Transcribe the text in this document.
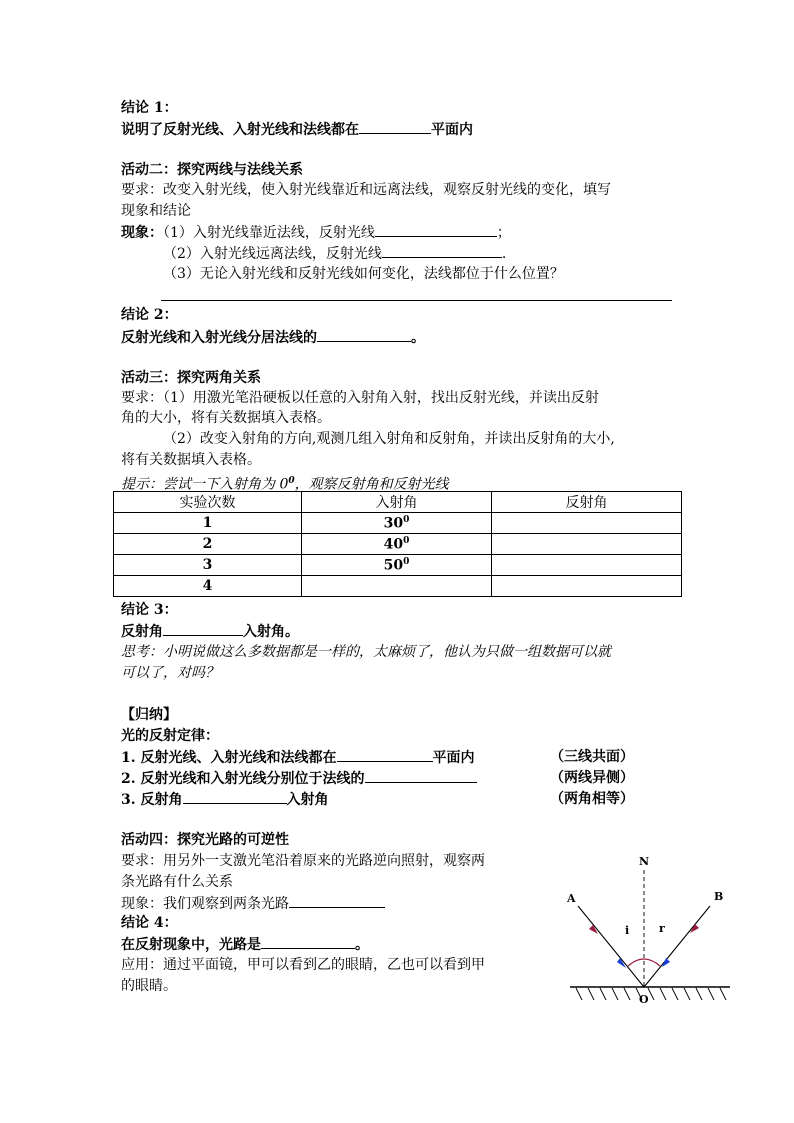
结论 1：
说明了反射光线、入射光线和法线都在	平面内
活动二：探究两线与法线关系
要求：改变入射光线，使入射光线靠近和远离法线，观察反射光线的变化，填写
现象和结论
现象：（1）入射光线靠近法线，反射光线	；
（2）入射光线远离法线，反射光线	.
（3）无论入射光线和反射光线如何变化，法线都位于什么位置？
结论 2：
反射光线和入射光线分居法线的	。
活动三：探究两角关系
要求：（1）用激光笔沿硬板以任意的入射角入射，找出反射光线，并读出反射
角的大小，将有关数据填入表格。
（2）改变入射角的方向,观测几组入射角和反射角，并读出反射角的大小,
将有关数据填入表格。
提示：尝试一下入射角为 $0^0$，观察反射角和反射光线
实验次数	入射角	反射角
1	$30^0$	
2	$40^0$	
3	$50^0$	
4		
结论 3：
反射角	入射角。
思考：小明说做这么多数据都是一样的，太麻烦了，他认为只做一组数据可以就
可以了，对吗？
【归纳】
光的反射定律：
1. 反射光线、入射光线和法线都在	平面内	（三线共面）
2. 反射光线和入射光线分别位于法线的	（两线异侧）
3. 反射角	入射角	（两角相等）
活动四：探究光路的可逆性
要求：用另外一支激光笔沿着原来的光路逆向照射，观察两
条光路有什么关系
现象：我们观察到两条光路
结论 4：
在反射现象中，光路是	。
应用：通过平面镜，甲可以看到乙的眼睛，乙也可以看到甲
的眼睛。
N
A	B
i	r
O
